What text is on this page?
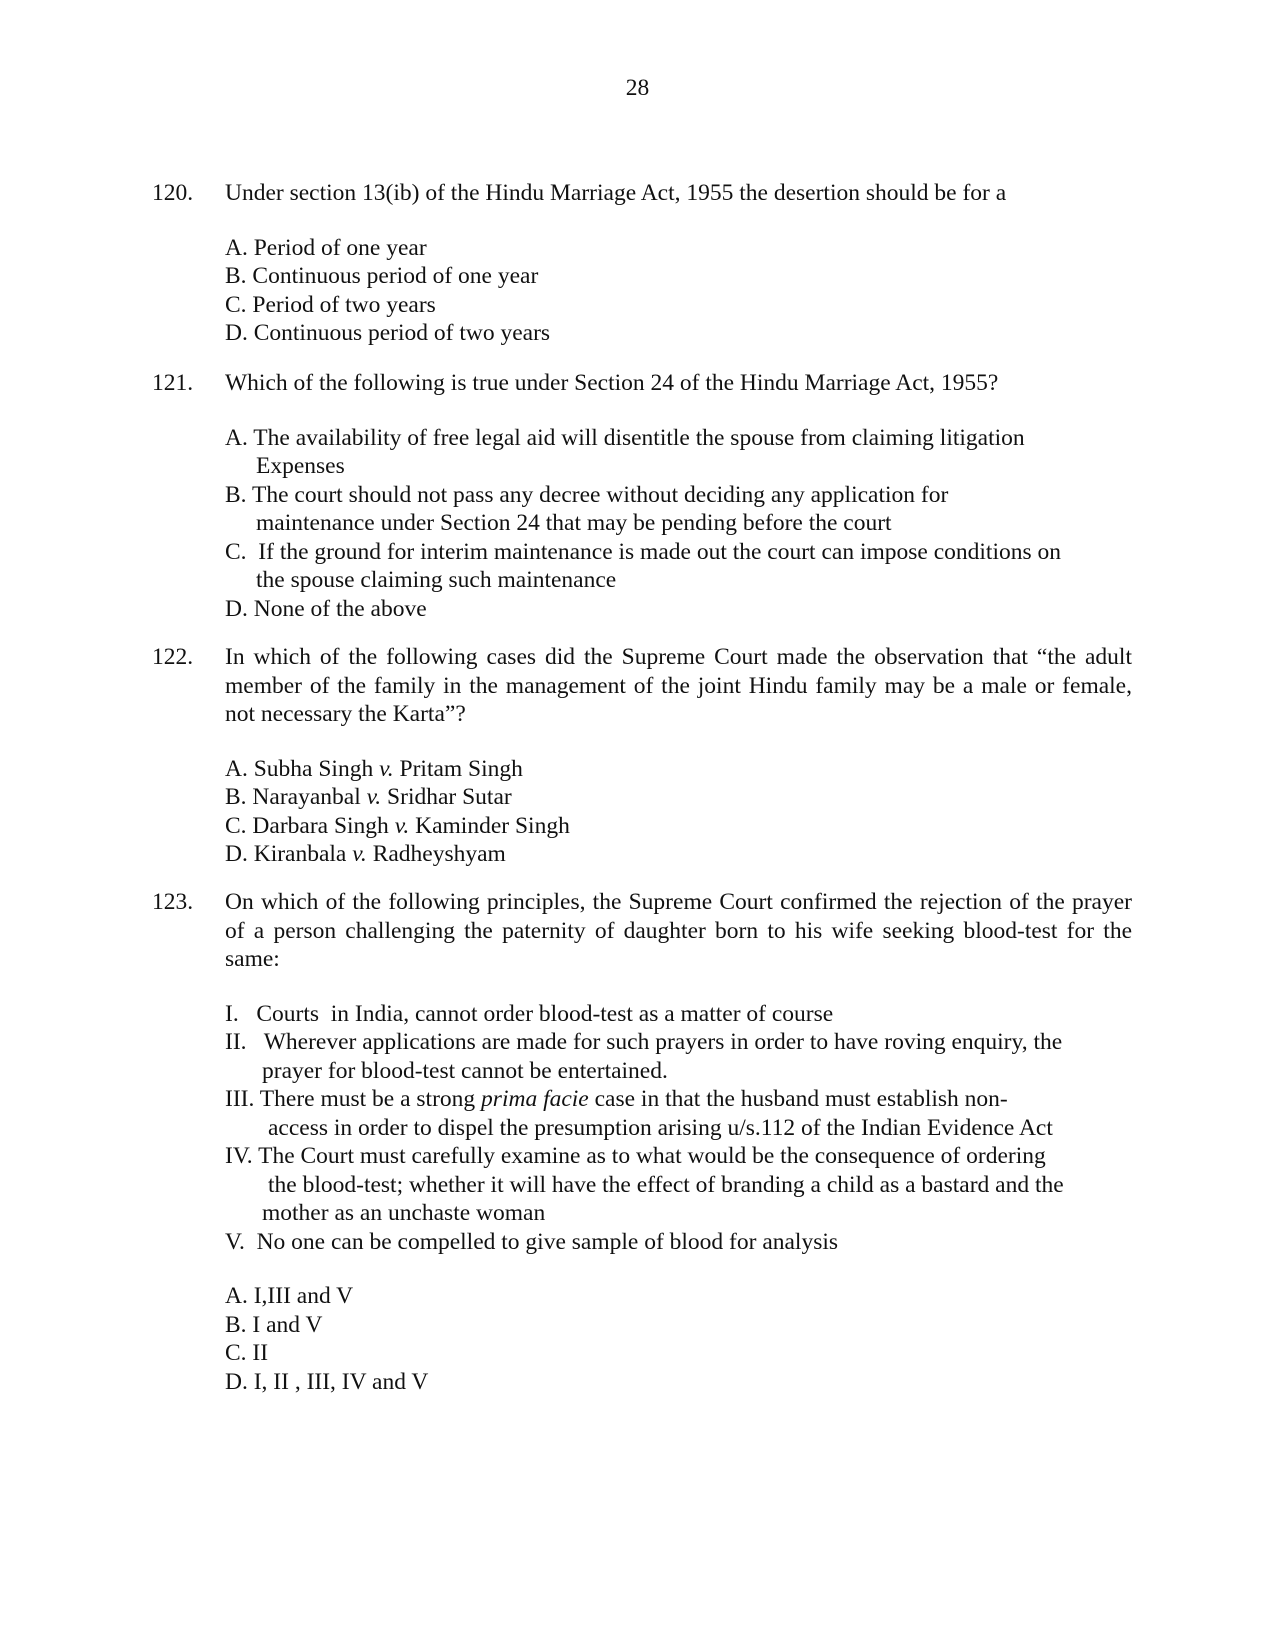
28
120. Under section 13(ib) of the Hindu Marriage Act, 1955 the desertion should be for a
A. Period of one year
B. Continuous period of one year
C. Period of two years
D. Continuous period of two years
121. Which of the following is true under Section 24 of the Hindu Marriage Act, 1955?
A. The availability of free legal aid will disentitle the spouse from claiming litigation
Expenses
B. The court should not pass any decree without deciding any application for
maintenance under Section 24 that may be pending before the court
C.  If the ground for interim maintenance is made out the court can impose conditions on
the spouse claiming such maintenance
D. None of the above
122. In which of the following cases did the Supreme Court made the observation that “the adult member of the family in the management of the joint Hindu family may be a male or female, not necessary the Karta”?
A. Subha Singh v. Pritam Singh
B. Narayanbal v. Sridhar Sutar
C. Darbara Singh v. Kaminder Singh
D. Kiranbala v. Radheyshyam
123. On which of the following principles, the Supreme Court confirmed the rejection of the prayer of a person challenging the paternity of daughter born to his wife seeking blood-test for the same:
I.   Courts  in India, cannot order blood-test as a matter of course
II.   Wherever applications are made for such prayers in order to have roving enquiry, the
prayer for blood-test cannot be entertained.
III. There must be a strong prima facie case in that the husband must establish non-
access in order to dispel the presumption arising u/s.112 of the Indian Evidence Act
IV. The Court must carefully examine as to what would be the consequence of ordering
the blood-test; whether it will have the effect of branding a child as a bastard and the
mother as an unchaste woman
V.  No one can be compelled to give sample of blood for analysis
A. I,III and V
B. I and V
C. II
D. I, II , III, IV and V
